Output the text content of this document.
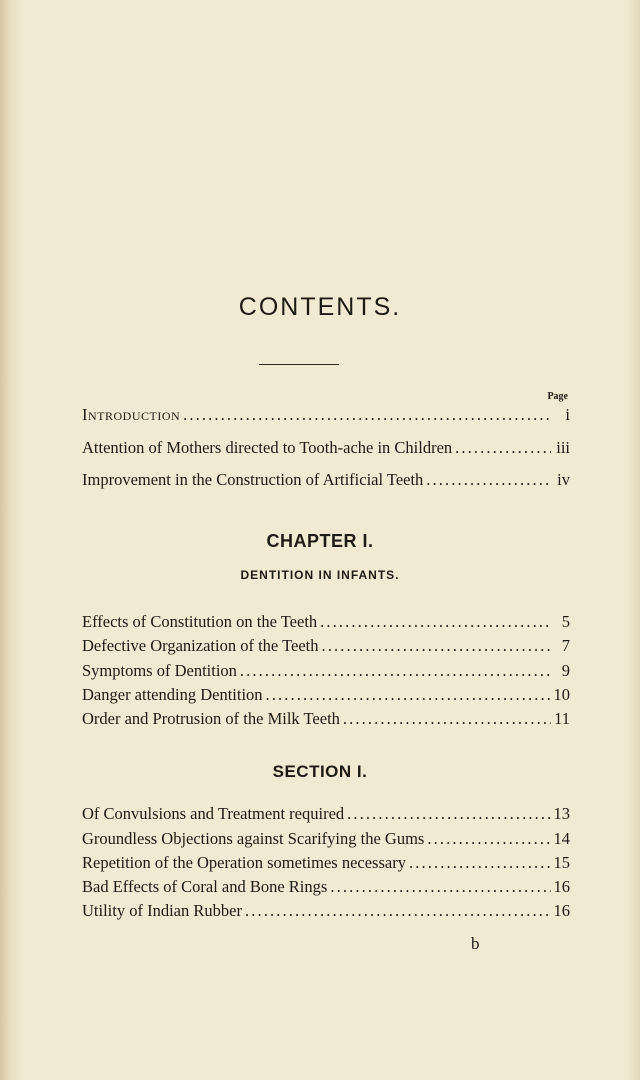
CONTENTS.
Page
Introduction . . .	i
Attention of Mothers directed to Tooth-ache in Children . . .	iii
Improvement in the Construction of Artificial Teeth . . .	iv
CHAPTER I.
DENTITION IN INFANTS.
Effects of Constitution on the Teeth . . .	5
Defective Organization of the Teeth . . .	7
Symptoms of Dentition . . .	9
Danger attending Dentition . . .	10
Order and Protrusion of the Milk Teeth . . .	11
SECTION I.
Of Convulsions and Treatment required . . .	13
Groundless Objections against Scarifying the Gums . . .	14
Repetition of the Operation sometimes necessary . . .	15
Bad Effects of Coral and Bone Rings . . .	16
Utility of Indian Rubber . . .	16
b
